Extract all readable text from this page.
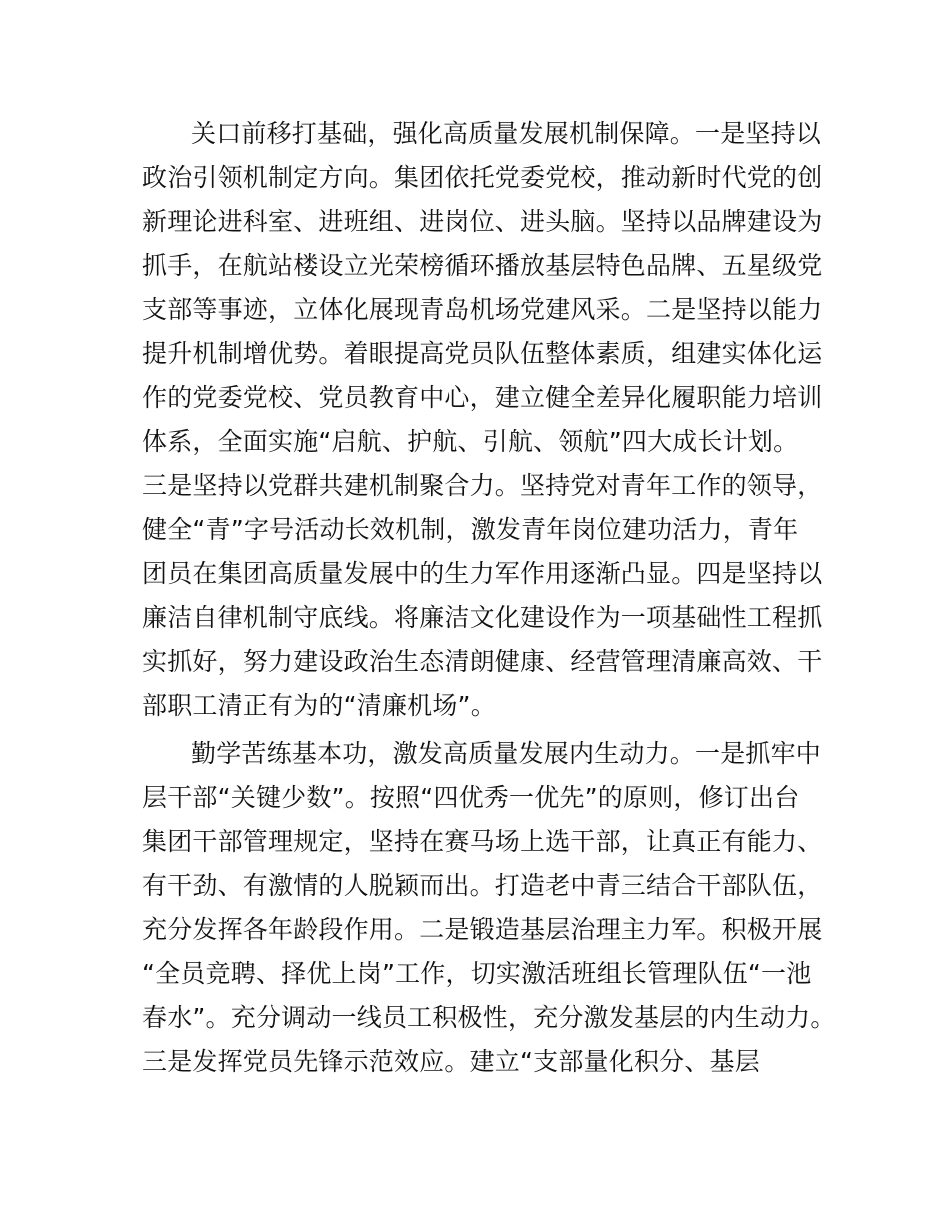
关口前移打基础，强化高质量发展机制保障。一是坚持以
政治引领机制定方向。集团依托党委党校，推动新时代党的创
新理论进科室、进班组、进岗位、进头脑。坚持以品牌建设为
抓手，在航站楼设立光荣榜循环播放基层特色品牌、五星级党
支部等事迹，立体化展现青岛机场党建风采。二是坚持以能力
提升机制增优势。着眼提高党员队伍整体素质，组建实体化运
作的党委党校、党员教育中心，建立健全差异化履职能力培训
体系，全面实施“启航、护航、引航、领航”四大成长计划。
三是坚持以党群共建机制聚合力。坚持党对青年工作的领导，
健全“青”字号活动长效机制，激发青年岗位建功活力，青年
团员在集团高质量发展中的生力军作用逐渐凸显。四是坚持以
廉洁自律机制守底线。将廉洁文化建设作为一项基础性工程抓
实抓好，努力建设政治生态清朗健康、经营管理清廉高效、干
部职工清正有为的“清廉机场”。
勤学苦练基本功，激发高质量发展内生动力。一是抓牢中
层干部“关键少数”。按照“四优秀一优先”的原则，修订出台
集团干部管理规定，坚持在赛马场上选干部，让真正有能力、
有干劲、有激情的人脱颖而出。打造老中青三结合干部队伍，
充分发挥各年龄段作用。二是锻造基层治理主力军。积极开展
“全员竞聘、择优上岗”工作，切实激活班组长管理队伍“一池
春水”。充分调动一线员工积极性，充分激发基层的内生动力。
三是发挥党员先锋示范效应。建立“支部量化积分、基层
